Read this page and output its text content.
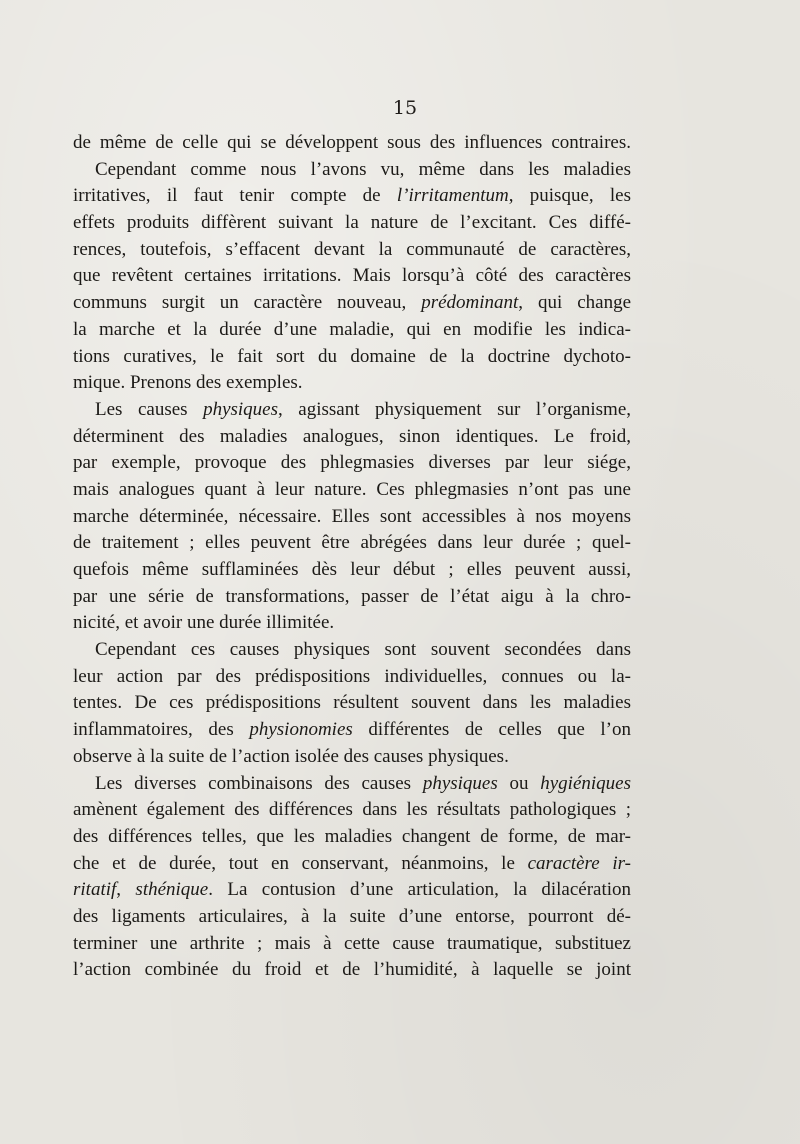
15
de même de celle qui se développent sous des influences contraires.
Cependant comme nous l’avons vu, même dans les maladies
irritatives, il faut tenir compte de l’irritamentum, puisque, les
effets produits diffèrent suivant la nature de l’excitant. Ces diffé-
rences, toutefois, s’effacent devant la communauté de caractères,
que revêtent certaines irritations. Mais lorsqu’à côté des caractères
communs surgit un caractère nouveau, prédominant, qui change
la marche et la durée d’une maladie, qui en modifie les indica-
tions curatives, le fait sort du domaine de la doctrine dychoto-
mique. Prenons des exemples.
Les causes physiques, agissant physiquement sur l’organisme,
déterminent des maladies analogues, sinon identiques. Le froid,
par exemple, provoque des phlegmasies diverses par leur siége,
mais analogues quant à leur nature. Ces phlegmasies n’ont pas une
marche déterminée, nécessaire. Elles sont accessibles à nos moyens
de traitement ; elles peuvent être abrégées dans leur durée ; quel-
quefois même sufflaminées dès leur début ; elles peuvent aussi,
par une série de transformations, passer de l’état aigu à la chro-
nicité, et avoir une durée illimitée.
Cependant ces causes physiques sont souvent secondées dans
leur action par des prédispositions individuelles, connues ou la-
tentes. De ces prédispositions résultent souvent dans les maladies
inflammatoires, des physionomies différentes de celles que l’on
observe à la suite de l’action isolée des causes physiques.
Les diverses combinaisons des causes physiques ou hygiéniques
amènent également des différences dans les résultats pathologiques ;
des différences telles, que les maladies changent de forme, de mar-
che et de durée, tout en conservant, néanmoins, le caractère ir-
ritatif, sthénique. La contusion d’une articulation, la dilacération
des ligaments articulaires, à la suite d’une entorse, pourront dé-
terminer une arthrite ; mais à cette cause traumatique, substituez
l’action combinée du froid et de l’humidité, à laquelle se joint
